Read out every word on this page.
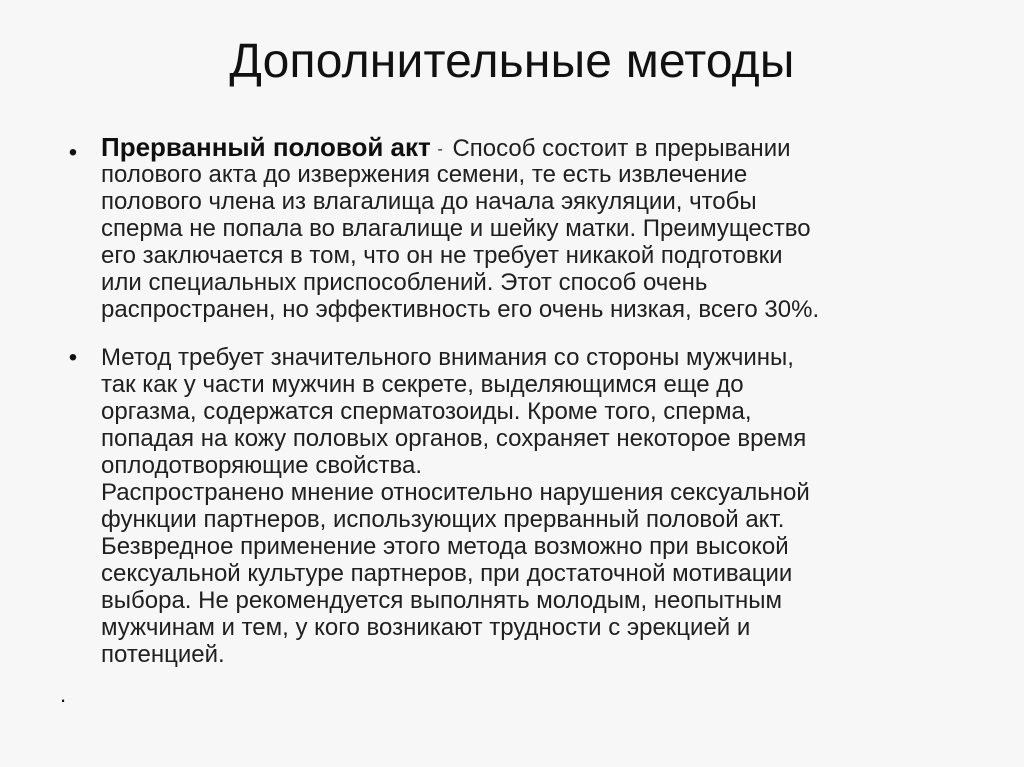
Дополнительные методы
• Прерванный половой акт - Способ состоит в прерывании
полового акта до извержения семени, те есть извлечение
полового члена из влагалища до начала эякуляции, чтобы
сперма не попала во влагалище и шейку матки. Преимущество
его заключается в том, что он не требует никакой подготовки
или специальных приспособлений. Этот способ очень
распространен, но эффективность его очень низкая, всего 30%.
• Метод требует значительного внимания со стороны мужчины,
так как у части мужчин в секрете, выделяющимся еще до
оргазма, содержатся сперматозоиды. Кроме того, сперма,
попадая на кожу половых органов, сохраняет некоторое время
оплодотворяющие свойства.
Распространено мнение относительно нарушения сексуальной
функции партнеров, использующих прерванный половой акт.
Безвредное применение этого метода возможно при высокой
сексуальной культуре партнеров, при достаточной мотивации
выбора. Не рекомендуется выполнять молодым, неопытным
мужчинам и тем, у кого возникают трудности с эрекцией и
потенцией.
.
